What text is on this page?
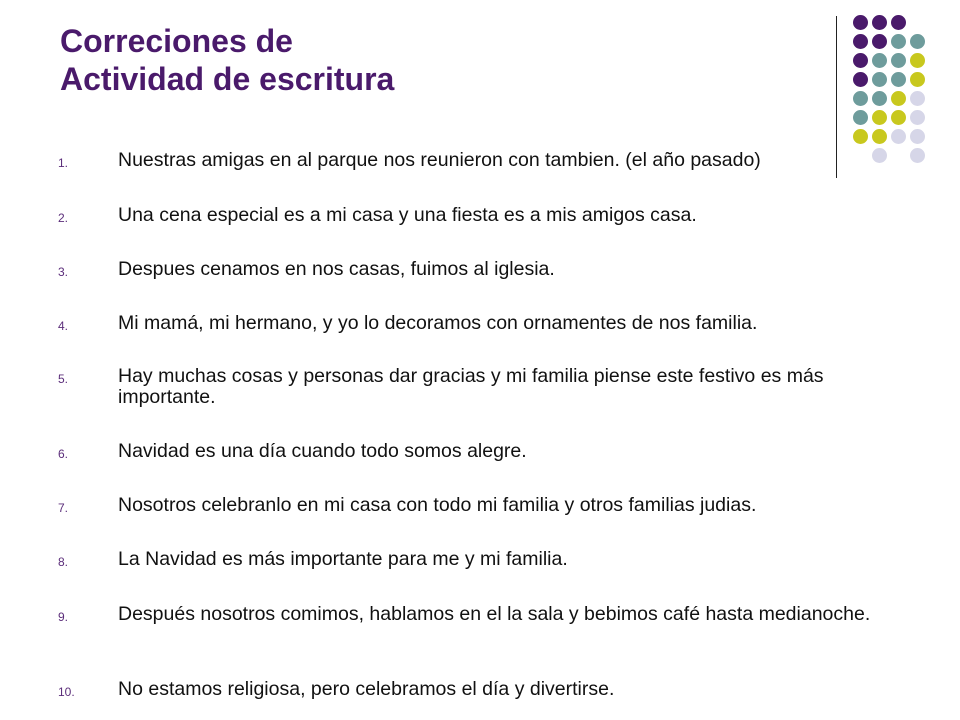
Correciones de
Actividad de escritura
1.	Nuestras amigas en al parque nos reunieron con tambien. (el año pasado)
2.	Una cena especial es a mi casa y una fiesta es a mis amigos casa.
3.	Despues cenamos en nos casas, fuimos al iglesia.
4.	Mi mamá, mi hermano, y yo lo decoramos con ornamentes de nos familia.
5.	Hay muchas cosas y personas dar gracias y mi familia piense este festivo es más importante.
6.	Navidad es una día cuando todo somos alegre.
7.	Nosotros celebranlo en mi casa con todo mi familia y otros familias judias.
8.	La Navidad es más importante para me y mi familia.
9.	Después nosotros comimos, hablamos en el la sala y bebimos café hasta medianoche.
10. No estamos religiosa, pero celebramos el día y divertirse.
